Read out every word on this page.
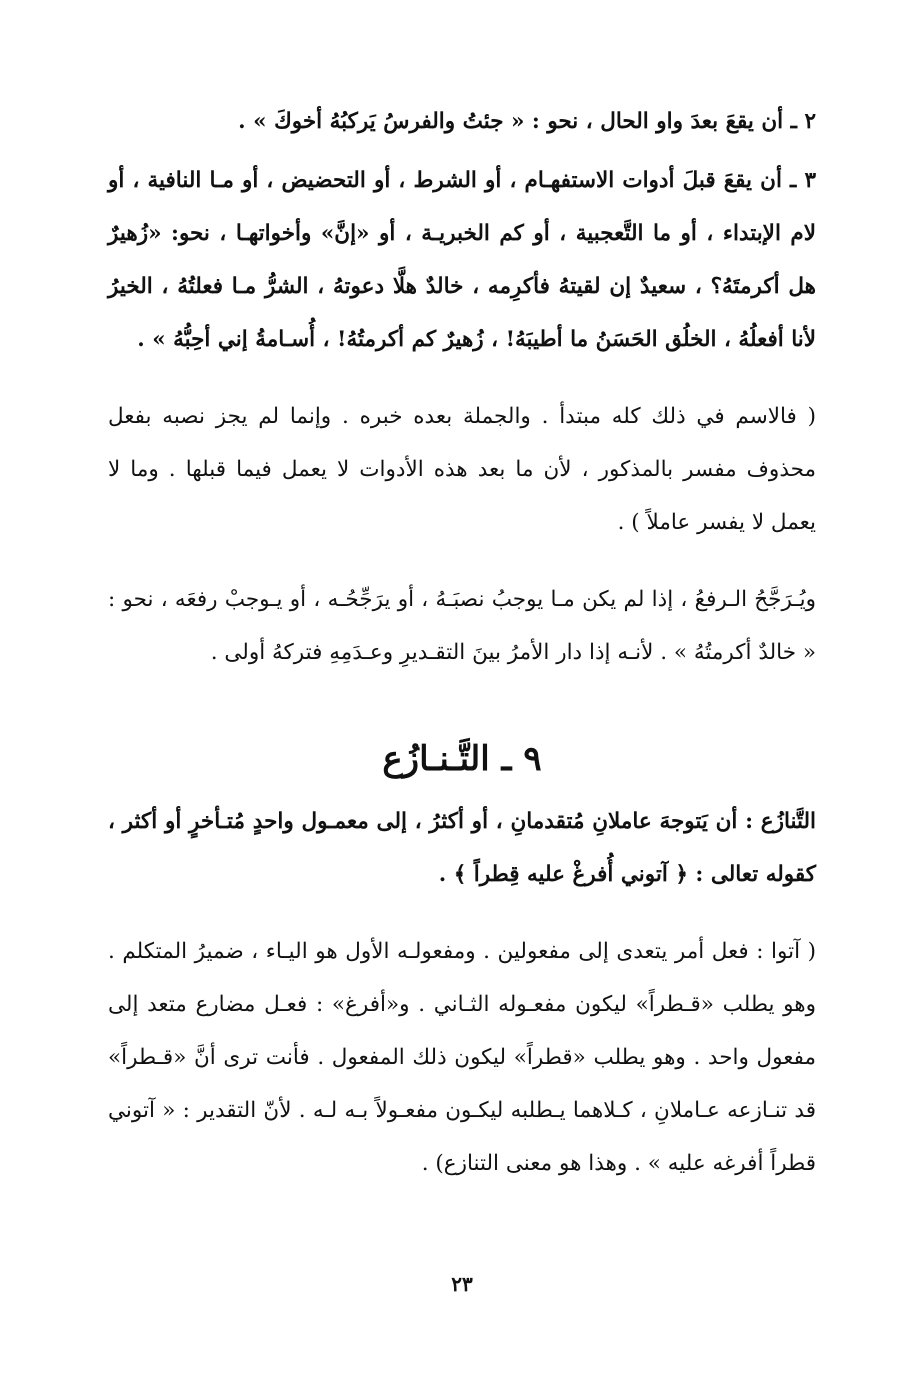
٢ ـ أن يقعَ بعدَ واو الحال ، نحو : « جئتُ والفرسُ يَركبُهُ أخوكَ » .

٣ ـ أن يقعَ قبلَ أدوات الاستفهـام ، أو الشرط ، أو التحضيض ، أو مـا النافية ، أو لام الإبتداء ، أو ما التَّعجبية ، أو كم الخبريـة ، أو «إنَّ» وأخواتهـا ، نحو: «زُهيرٌ هل أكرمتَهُ؟ ، سعيدٌ إن لقيتهُ فأكرِمه ، خالدٌ هلَّا دعوتهُ ، الشرُّ مـا فعلتُهُ ، الخيرُ لأنا أفعلُهُ ، الخلُق الحَسَنُ ما أطيبَهُ! ، زُهيرٌ كم أكرمتُهُ! ، أُسـامةُ إني أحِبُّهُ » .

( فالاسم في ذلك كله مبتدأ . والجملة بعده خبره . وإنما لم يجز نصبه بفعل محذوف مفسر بالمذكور ، لأن ما بعد هذه الأدوات لا يعمل فيما قبلها . وما لا يعمل لا يفسر عاملاً ) .

ويُـرَجَّحُ الـرفعُ ، إذا لم يكن مـا يوجبُ نصبَـهُ ، أو يرَجِّحُـه ، أو يـوجبْ رفعَه ، نحو : « خالدٌ أكرمتُهُ » . لأنـه إذا دار الأمرُ بينَ التقـديرِ وعـدَمِهِ فتركهُ أولى .

٩ ـ التَّـنـازُع

التَّنازُع : أن يَتوجهَ عاملانِ مُتقدمانِ ، أو أكثرُ ، إلى معمـول واحدٍ مُتـأخرٍ أو أكثر ، كقوله تعالى : ﴿ آتوني أُفرغْ عليه قِطراً ﴾ .

( آتوا : فعل أمر يتعدى إلى مفعولين . ومفعولـه الأول هو اليـاء ، ضميرُ المتكلم . وهو يطلب «قـطراً» ليكون مفعـوله الثـاني . و«أفرغ» : فعـل مضارع متعد إلى مفعول واحد . وهو يطلب «قطراً» ليكون ذلك المفعول . فأنت ترى أنَّ «قـطراً» قد تنـازعه عـاملانِ ، كـلاهما يـطلبه ليكـون مفعـولاً بـه لـه . لأنّ التقدير : « آتوني قطراً أفرغه عليه » . وهذا هو معنى التنازع) .

٢٣
